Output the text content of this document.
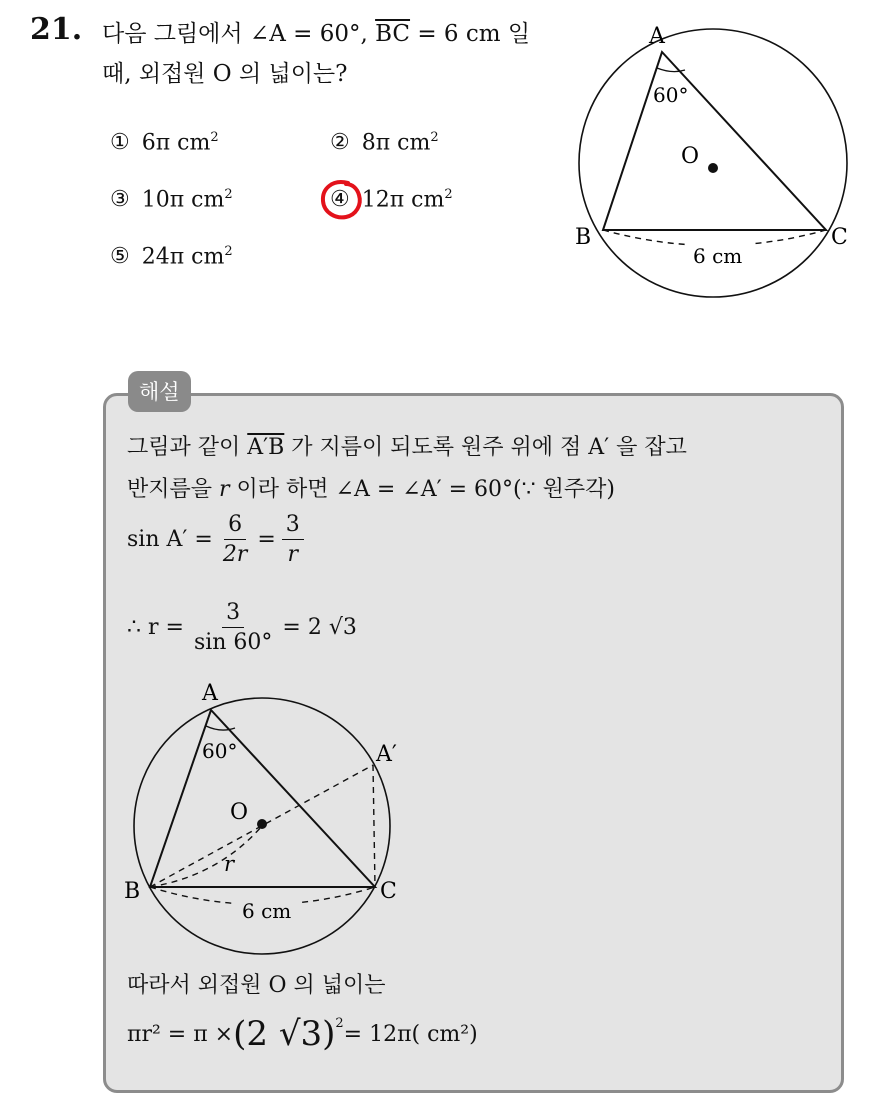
21. 다음 그림에서 ∠A = 60°, $\overline{BC} = 6$ cm 일
때, 외접원 O 의 넓이는?
① 6π $cm^2$	② 8π $cm^2$
③ 10π $cm^2$	④ 12π $cm^2$
⑤ 24π $cm^2$
A
B	C
O
60°
6 cm
해설
그림과 같이 A′B 가 지름이 되도록 원주 위에 점 A′ 을 잡고
반지름을 r 이라 하면 ∠A = ∠A′ = 60°(∵ 원주각)
$\sin A' = \frac{6}{2r} = \frac{3}{r}$
∴ $r = \frac{3}{\sin 60^\circ} = 2$ √3
A
A′
B	C
O
r
60°
6 cm
따라서 외접원 O 의 넓이는
πr² = π × (2 √3)$^2$ = 12π( cm²)
